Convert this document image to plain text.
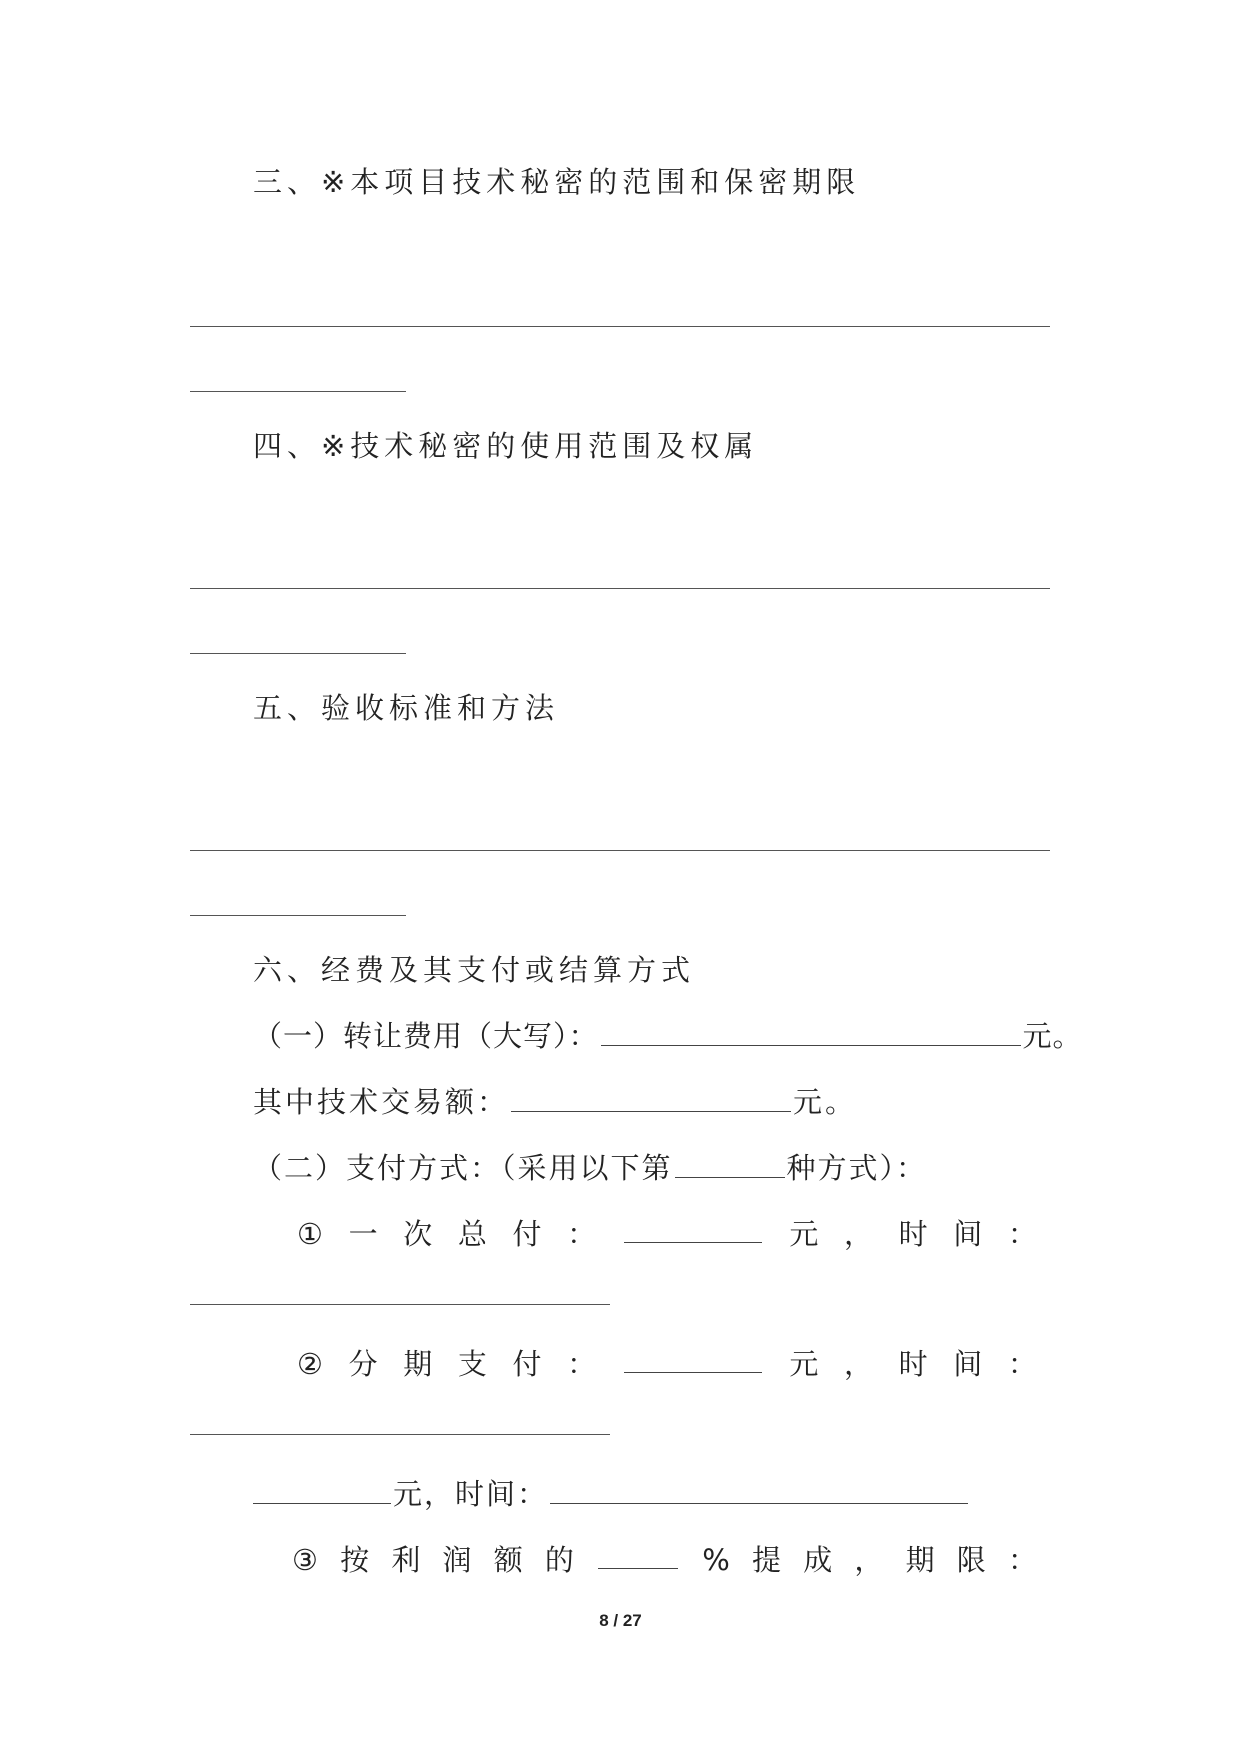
三、※本项目技术秘密的范围和保密期限
四、※技术秘密的使用范围及权属
五、验收标准和方法
六、经费及其支付或结算方式
（一）转让费用（大写）：	元。
其中技术交易额：	元。
（二）支付方式：（采用以下第	种方式）：
① 一 次 总 付 ：	元 ， 时 间 ：
② 分 期 支 付 ：	元 ， 时 间 ：
元，时间：
③ 按 利 润 额 的	% 提 成 ， 期 限 ：
8 / 27
